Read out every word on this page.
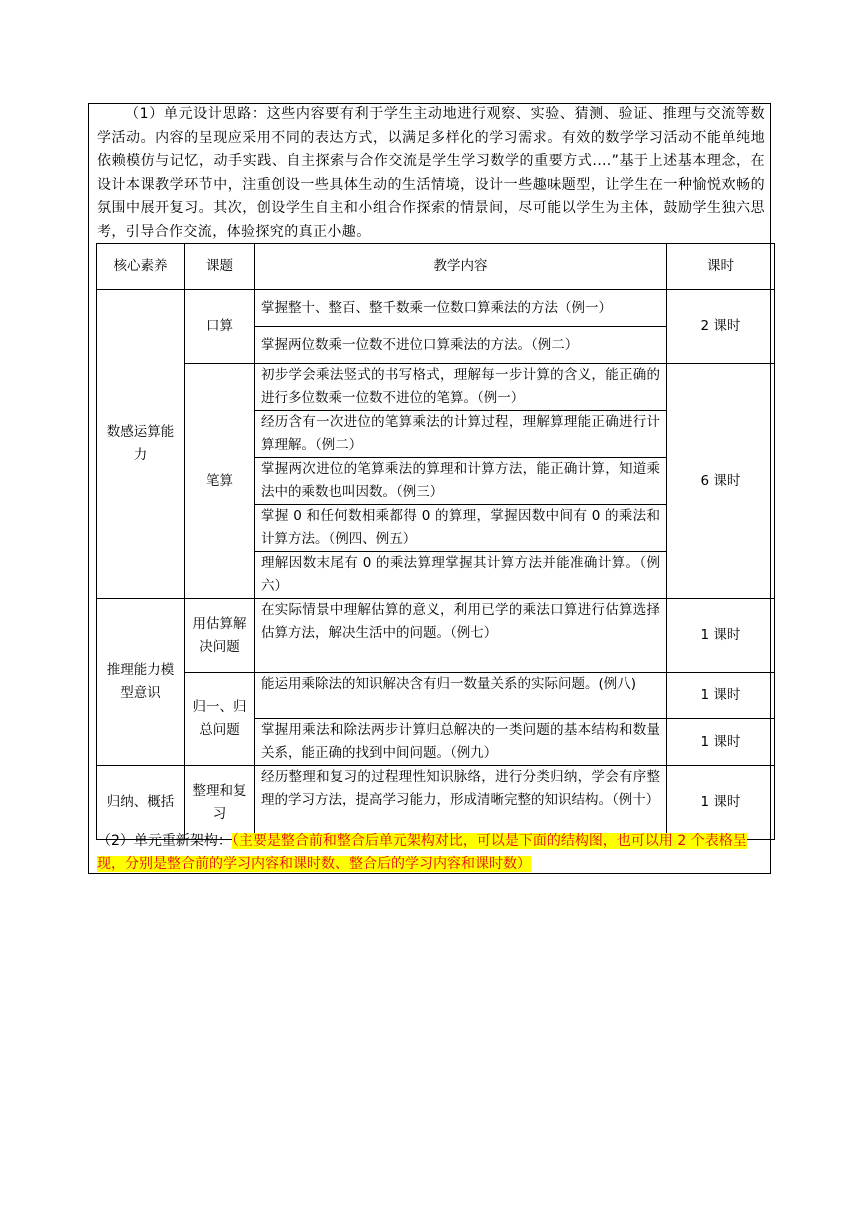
（1）单元设计思路：这些内容要有利于学生主动地进行观察、实验、猜测、验证、推理与交流等数学活动。内容的呈现应采用不同的表达方式，以满足多样化的学习需求。有效的数学学习活动不能单纯地依赖模仿与记忆，动手实践、自主探索与合作交流是学生学习数学的重要方式.…”基于上述基本理念，在设计本课教学环节中，注重创设一些具体生动的生活情境，设计一些趣味题型，让学生在一种愉悦欢畅的氛围中展开复习。其次，创设学生自主和小组合作探索的情景间，尽可能以学生为主体，鼓励学生独六思考，引导合作交流，体验探究的真正小趣。

核心素养	课题	教学内容	课时
数感运算能力	口算	掌握整十、整百、整千数乘一位数口算乘法的方法（例一）	2 课时
		掌握两位数乘一位数不进位口算乘法的方法。（例二）	
	笔算	初步学会乘法竖式的书写格式，理解每一步计算的含义，能正确的进行多位数乘一位数不进位的笔算。（例一）	6 课时
		经历含有一次进位的笔算乘法的计算过程，理解算理能正确进行计算理解。（例二）	
		掌握两次进位的笔算乘法的算理和计算方法，能正确计算，知道乘法中的乘数也叫因数。（例三）	
		掌握 0 和任何数相乘都得 0 的算理，掌握因数中间有 0 的乘法和计算方法。（例四、例五）	
		理解因数末尾有 0 的乘法算理掌握其计算方法并能准确计算。（例六）	
推理能力模型意识	用估算解决问题	在实际情景中理解估算的意义，利用已学的乘法口算进行估算选择估算方法，解决生活中的问题。（例七）	1 课时
	归一、归总问题	能运用乘除法的知识解决含有归一数量关系的实际问题。(例八)	1 课时
		掌握用乘法和除法两步计算归总解决的一类问题的基本结构和数量关系，能正确的找到中间问题。（例九）	1 课时
归纳、概括	整理和复习	经历整理和复习的过程理性知识脉络，进行分类归纳，学会有序整理的学习方法，提高学习能力，形成清晰完整的知识结构。（例十）	1 课时
（2）单元重新架构：（主要是整合前和整合后单元架构对比，可以是下面的结构图，也可以用 2 个表格呈现，分别是整合前的学习内容和课时数、整合后的学习内容和课时数）
